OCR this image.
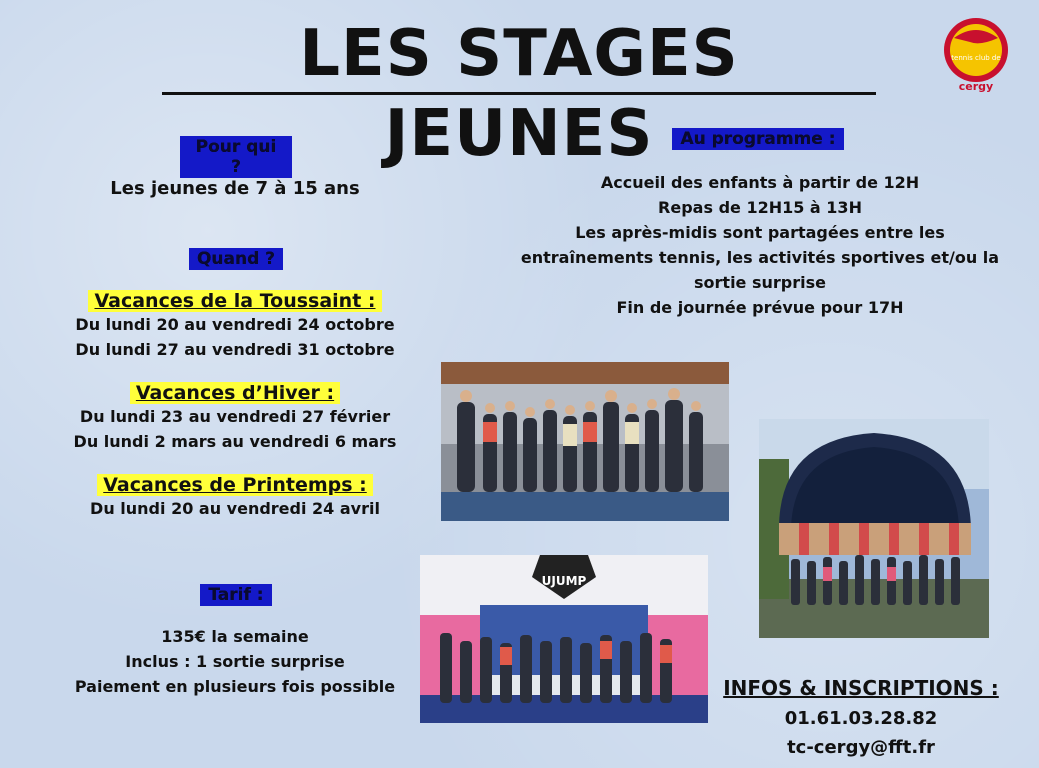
LES STAGES JEUNES
tennis club de
cergy
Pour qui ?
Les jeunes de 7 à 15 ans
Quand ?
Vacances de la Toussaint :
Du lundi 20 au vendredi 24 octobre
Du lundi 27 au vendredi 31 octobre
Vacances d’Hiver :
Du lundi 23 au vendredi 27 février
Du lundi 2 mars au vendredi 6 mars
Vacances de Printemps :
Du lundi 20 au vendredi 24 avril
Tarif :
135€ la semaine
Inclus : 1 sortie surprise
Paiement en plusieurs fois possible
Au programme :
Accueil des enfants à partir de 12H
Repas de 12H15 à 13H
Les après-midis sont partagées entre les
entraînements tennis, les activités sportives et/ou la
sortie surprise
Fin de journée prévue pour 17H
UJUMP
INFOS & INSCRIPTIONS :
01.61.03.28.82
tc-cergy@fft.fr
